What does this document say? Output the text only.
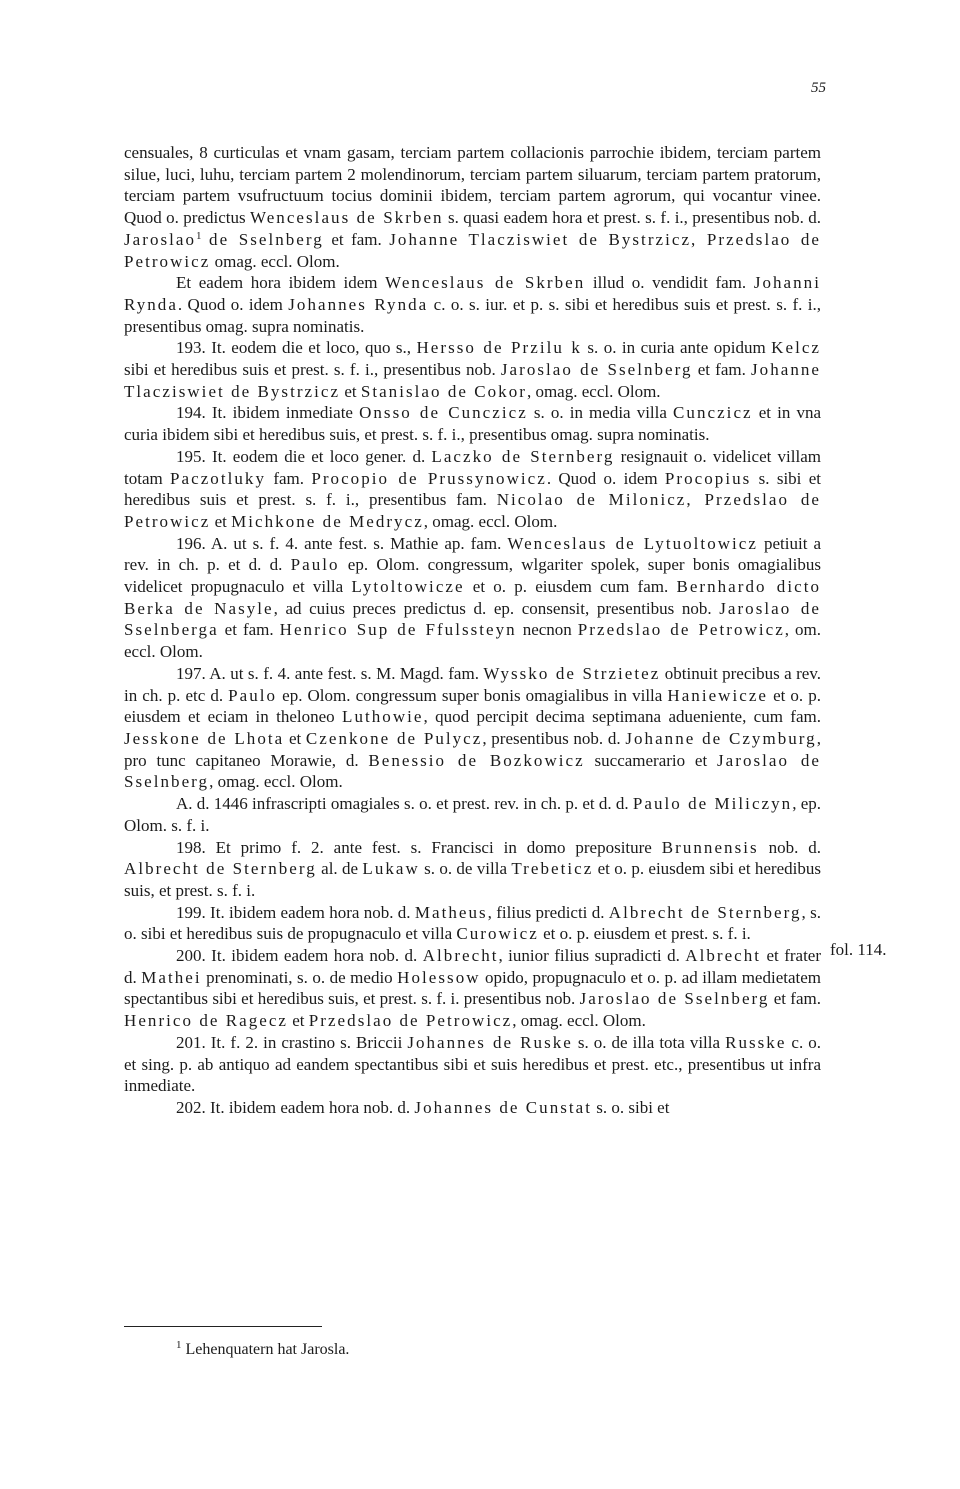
55

censuales, 8 curticulas et vnam gasam, terciam partem collacionis parrochie ibidem, terciam partem silue, luci, luhu, terciam partem 2 molendinorum, terciam partem siluarum, terciam partem pratorum, terciam partem vsufructuum tocius dominii ibidem, terciam partem agrorum, qui vocantur vinee. Quod o. predictus Wenceslaus de Skrben s. quasi eadem hora et prest. s. f. i., presentibus nob. d. Jaroslao$^1$ de Sselnberg et fam. Johanne Tlacziswiet de Bystrzicz, Przedslao de Petrowicz omag. eccl. Olom.

Et eadem hora ibidem idem Wenceslaus de Skrben illud o. vendidit fam. Johanni Rynda. Quod o. idem Johannes Rynda c. o. s. iur. et p. s. sibi et heredibus suis et prest. s. f. i., presentibus omag. supra nominatis.

193. It. eodem die et loco, quo s., Hersso de Przilu k s. o. in curia ante opidum Kelcz sibi et heredibus suis et prest. s. f. i., presentibus nob. Jaroslao de Sselnberg et fam. Johanne Tlacziswiet de Bystrzicz et Stanislao de Cokor, omag. eccl. Olom.

194. It. ibidem inmediate Onsso de Cunczicz s. o. in media villa Cunczicz et in vna curia ibidem sibi et heredibus suis, et prest. s. f. i., presentibus omag. supra nominatis.

195. It. eodem die et loco gener. d. Laczko de Sternberg resignauit o. videlicet villam totam Paczotluky fam. Procopio de Prussynowicz. Quod o. idem Procopius s. sibi et heredibus suis et prest. s. f. i., presentibus fam. Nicolao de Milonicz, Przedslao de Petrowicz et Michkone de Medrycz, omag. eccl. Olom.

196. A. ut s. f. 4. ante fest. s. Mathie ap. fam. Wenceslaus de Lytuoltowicz petiuit a rev. in ch. p. et d. d. Paulo ep. Olom. congressum, wlgariter spolek, super bonis omagialibus videlicet propugnaculo et villa Lytoltowicze et o. p. eiusdem cum fam. Bernhardo dicto Berka de Nasyle, ad cuius preces predictus d. ep. consensit, presentibus nob. Jaroslao de Sselnberga et fam. Henrico Sup de Ffulssteyn necnon Przedslao de Petrowicz, om. eccl. Olom.

197. A. ut s. f. 4. ante fest. s. M. Magd. fam. Wyssko de Strzietez obtinuit precibus a rev. in ch. p. etc d. Paulo ep. Olom. congressum super bonis omagialibus in villa Haniewicze et o. p. eiusdem et eciam in theloneo Luthowie, quod percipit decima septimana adueniente, cum fam. Jesskone de Lhota et Czenkone de Pulycz, presentibus nob. d. Johanne de Czymburg, pro tunc capitaneo Morawie, d. Benessio de Bozkowicz succamerario et Jaroslao de Sselnberg, omag. eccl. Olom.

A. d. 1446 infrascripti omagiales s. o. et prest. rev. in ch. p. et d. d. Paulo de Miliczyn, ep. Olom. s. f. i.

198. Et primo f. 2. ante fest. s. Francisci in domo prepositure Brunnensis nob. d. Albrecht de Sternberg al. de Lukaw s. o. de villa Trebeticz et o. p. eiusdem sibi et heredibus suis, et prest. s. f. i.

199. It. ibidem eadem hora nob. d. Matheus, filius predicti d. Albrecht de Sternberg, s. o. sibi et heredibus suis de propugnaculo et villa Curowicz et o. p. eiusdem et prest. s. f. i.

200. It. ibidem eadem hora nob. d. Albrecht, iunior filius supradicti d. Albrecht et frater d. Mathei prenominati, s. o. de medio Holessow opido, propugnaculo et o. p. ad illam medietatem spectantibus sibi et heredibus suis, et prest. s. f. i. presentibus nob. Jaroslao de Sselnberg et fam. Henrico de Ragecz et Przedslao de Petrowicz, omag. eccl. Olom.

201. It. f. 2. in crastino s. Briccii Johannes de Ruske s. o. de illa tota villa Russke c. o. et sing. p. ab antiquo ad eandem spectantibus sibi et suis heredibus et prest. etc., presentibus ut infra inmediate.

202. It. ibidem eadem hora nob. d. Johannes de Cunstat s. o. sibi et

fol. 114.
$^1$ Lehenquatern hat Jarosla.
